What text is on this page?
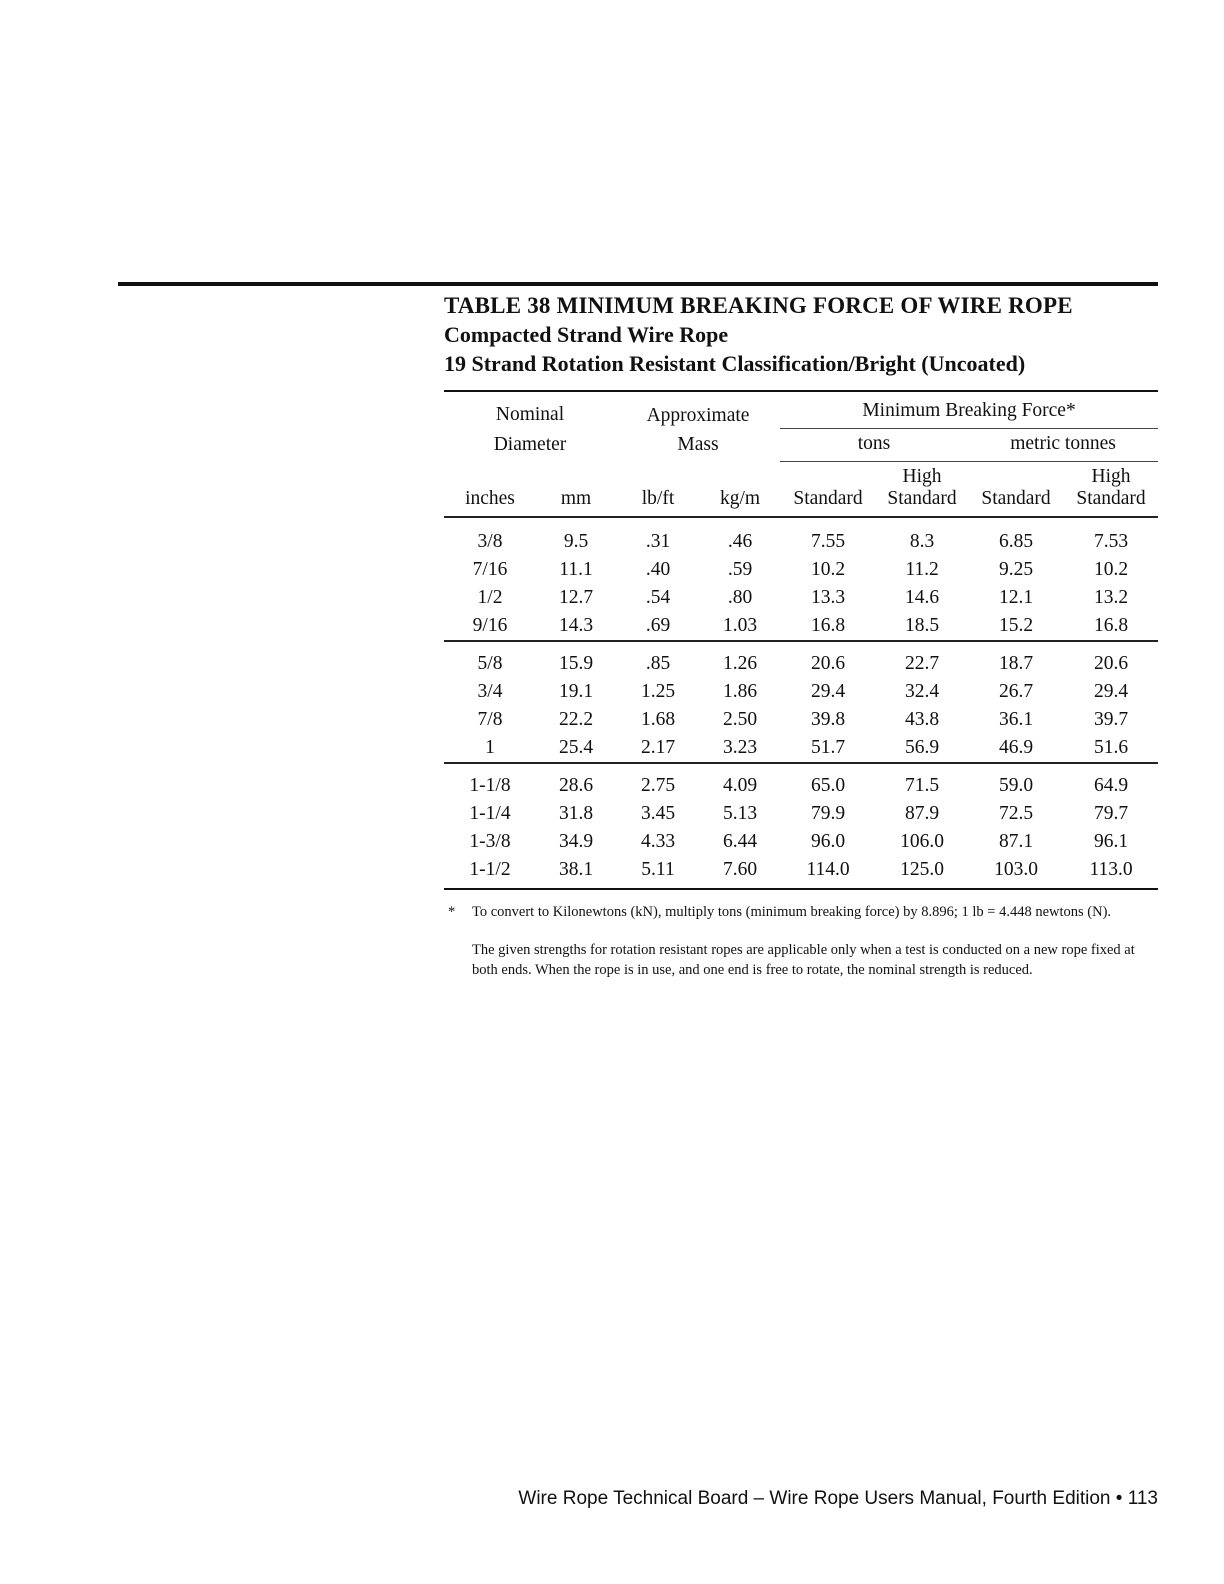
TABLE 38 MINIMUM BREAKING FORCE OF WIRE ROPE
Compacted Strand Wire Rope
19 Strand Rotation Resistant Classification/Bright (Uncoated)
Nominal		Approximate		Minimum Breaking Force*			
Diameter		Mass		tons		metric tonnes	
					High		High
inches	mm	lb/ft	kg/m	Standard	Standard	Standard	Standard

3/8	9.5	.31	.46	7.55	8.3	6.85	7.53
7/16	11.1	.40	.59	10.2	11.2	9.25	10.2
1/2	12.7	.54	.80	13.3	14.6	12.1	13.2
9/16	14.3	.69	1.03	16.8	18.5	15.2	16.8

5/8	15.9	.85	1.26	20.6	22.7	18.7	20.6
3/4	19.1	1.25	1.86	29.4	32.4	26.7	29.4
7/8	22.2	1.68	2.50	39.8	43.8	36.1	39.7
1	25.4	2.17	3.23	51.7	56.9	46.9	51.6

1-1/8	28.6	2.75	4.09	65.0	71.5	59.0	64.9
1-1/4	31.8	3.45	5.13	79.9	87.9	72.5	79.7
1-3/8	34.9	4.33	6.44	96.0	106.0	87.1	96.1
1-1/2	38.1	5.11	7.60	114.0	125.0	103.0	113.0

*	To convert to Kilonewtons (kN), multiply tons (minimum breaking force) by 8.896; 1 lb = 4.448 newtons (N).
The given strengths for rotation resistant ropes are applicable only when a test is conducted on a new rope fixed at both ends. When the rope is in use, and one end is free to rotate, the nominal strength is reduced.
Wire Rope Technical Board – Wire Rope Users Manual, Fourth Edition • 113
